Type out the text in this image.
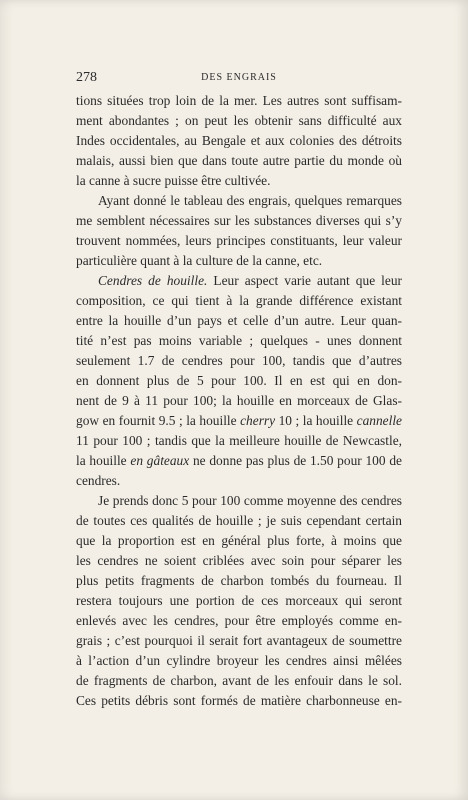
278	DES ENGRAIS
tions situées trop loin de la mer. Les autres sont suffisam-
ment abondantes ; on peut les obtenir sans difficulté aux
Indes occidentales, au Bengale et aux colonies des détroits
malais, aussi bien que dans toute autre partie du monde où
la canne à sucre puisse être cultivée.
Ayant donné le tableau des engrais, quelques remarques
me semblent nécessaires sur les substances diverses qui s’y
trouvent nommées, leurs principes constituants, leur valeur
particulière quant à la culture de la canne, etc.
Cendres de houille. Leur aspect varie autant que leur
composition, ce qui tient à la grande différence existant
entre la houille d’un pays et celle d’un autre. Leur quan-
tité n’est pas moins variable ; quelques - unes donnent
seulement 1.7 de cendres pour 100, tandis que d’autres
en donnent plus de 5 pour 100. Il en est qui en don-
nent de 9 à 11 pour 100; la houille en morceaux de Glas-
gow en fournit 9.5 ; la houille cherry 10 ; la houille cannelle
11 pour 100 ; tandis que la meilleure houille de Newcastle,
la houille en gâteaux ne donne pas plus de 1.50 pour 100 de
cendres.
Je prends donc 5 pour 100 comme moyenne des cendres
de toutes ces qualités de houille ; je suis cependant certain
que la proportion est en général plus forte, à moins que
les cendres ne soient criblées avec soin pour séparer les
plus petits fragments de charbon tombés du fourneau. Il
restera toujours une portion de ces morceaux qui seront
enlevés avec les cendres, pour être employés comme en-
grais ; c’est pourquoi il serait fort avantageux de soumettre
à l’action d’un cylindre broyeur les cendres ainsi mêlées
de fragments de charbon, avant de les enfouir dans le sol.
Ces petits débris sont formés de matière charbonneuse en-
